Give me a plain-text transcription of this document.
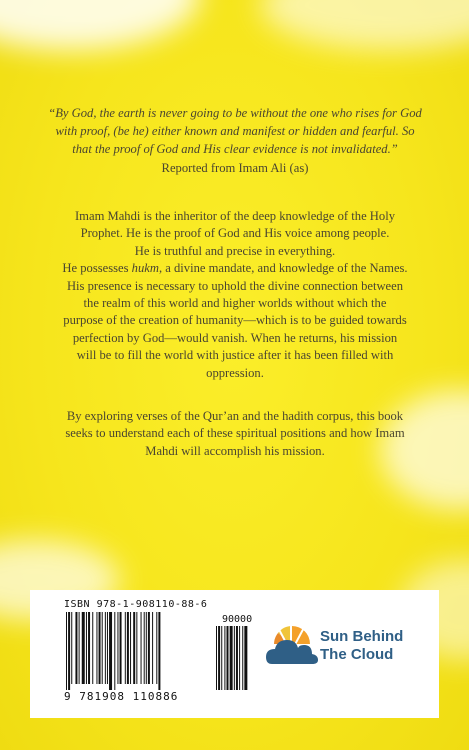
“By God, the earth is never going to be without the one who rises for God
with proof, (be he) either known and manifest or hidden and fearful. So
that the proof of God and His clear evidence is not invalidated.”
Reported from Imam Ali (as)

Imam Mahdi is the inheritor of the deep knowledge of the Holy
Prophet. He is the proof of God and His voice among people.
He is truthful and precise in everything.
He possesses hukm, a divine mandate, and knowledge of the Names.
His presence is necessary to uphold the divine connection between
the realm of this world and higher worlds without which the
purpose of the creation of humanity—which is to be guided towards
perfection by God—would vanish. When he returns, his mission
will be to fill the world with justice after it has been filled with
oppression.

By exploring verses of the Qur’an and the hadith corpus, this book
seeks to understand each of these spiritual positions and how Imam
Mahdi will accomplish his mission.

ISBN 978-1-908110-88-6
90000
9 781908 110886
Sun Behind
The Cloud
